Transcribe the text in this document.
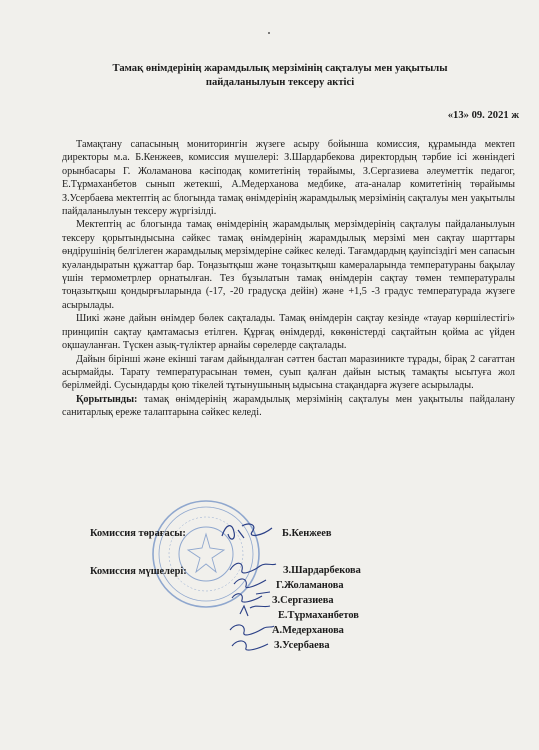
Тамақ өнімдерінің жарамдылық мерзімінің сақталуы мен уақытылы
пайдаланылуын тексеру актісі
«13» 09. 2021 ж

Тамақтану сапасының мониторингін жүзеге асыру бойынша комиссия, құрамында мектеп директоры м.а. Б.Кенжеев, комиссия мүшелері: З.Шардарбекова директордың тәрбие ісі жөніндегі орынбасары Г. Жоламанова кәсіподақ комитетінің төрайымы, З.Сергазиева әлеуметтік педагог, Е.Тұрмаханбетов сынып жетекші, А.Медерханова медбике, ата-аналар комитетінің төрайымы З.Усербаева мектептің ас блогында тамақ өнімдерінің жарамдылық мерзімінің сақталуы мен уақытылы пайдаланылуын тексеру жүргізілді.

Мектептің ас блогында тамақ өнімдерінің жарамдылық мерзімдерінің сақталуы пайдаланылуын тексеру қорытындысына сәйкес тамақ өнімдерінің жарамдылық мерзімі мен сақтау шарттары өндірушінің белгілеген жарамдылық мерзімдеріне сәйкес келеді. Тағамдардың қауіпсіздігі мен сапасын куәландыратын құжаттар бар. Тоңазытқыш және тоңазытқыш камераларында температураны бақылау үшін термометрлер орнатылған. Тез бұзылатын тамақ өнімдерін сақтау төмен температуралы тоңазытқыш қондырғыларында (-17, -20 градусқа дейін) және +1,5 -3 градус температурада жүзеге асырылады.

Шикі және дайын өнімдер бөлек сақталады. Тамақ өнімдерін сақтау кезінде «тауар көршілестігі» принципін сақтау қамтамасыз етілген. Құрғақ өнімдерді, көкөністерді сақтайтын қойма ас үйден оқшауланған. Түскен азық-түліктер арнайы сөрелерде сақталады.

Дайын бірінші және екінші тағам дайындалған сәттен бастап маразиникте тұрады, бірақ 2 сағаттан асырмайды. Тарату температурасынан төмен, суып қалған дайын ыстық тамақты ысытуға жол берілмейді. Сусындарды қою тікелей тұтынушының ыдысына стақандарға жүзеге асырылады.

Қорытынды: тамақ өнімдерінің жарамдылық мерзімінің сақталуы мен уақытылы пайдалану санитарлық ереже талаптарына сәйкес келеді.

Комиссия төрағасы:	Б.Кенжеев
Комиссия мүшелері:	З.Шардарбекова
Г.Жоламанова
З.Сергазиева
Е.Тұрмаханбетов
А.Медерханова
З.Усербаева
